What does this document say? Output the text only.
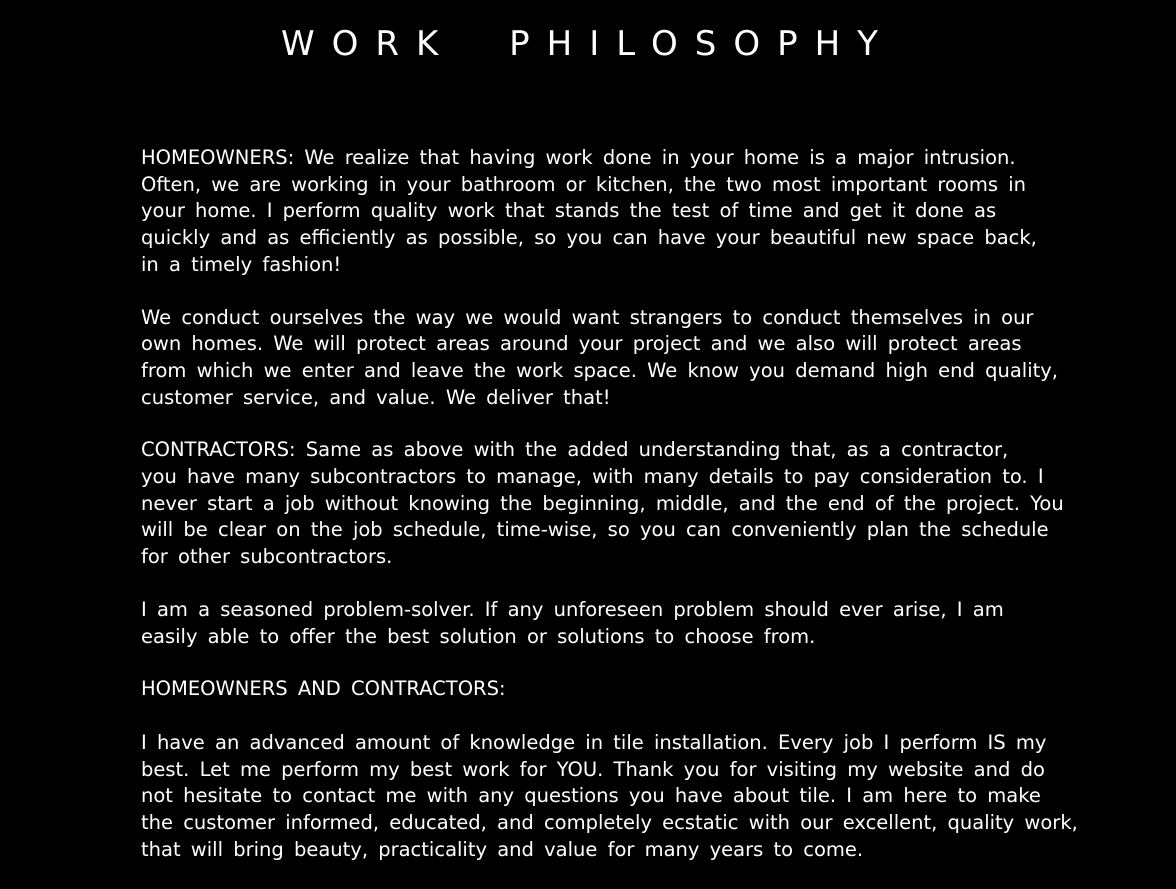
WORK PHILOSOPHY

HOMEOWNERS: We realize that having work done in your home is a major intrusion.
Often, we are working in your bathroom or kitchen, the two most important rooms in
your home. I perform quality work that stands the test of time and get it done as
quickly and as efficiently as possible, so you can have your beautiful new space back,
in a timely fashion!

We conduct ourselves the way we would want strangers to conduct themselves in our
own homes. We will protect areas around your project and we also will protect areas
from which we enter and leave the work space. We know you demand high end quality,
customer service, and value. We deliver that!

CONTRACTORS: Same as above with the added understanding that, as a contractor,
you have many subcontractors to manage, with many details to pay consideration to. I
never start a job without knowing the beginning, middle, and the end of the project. You
will be clear on the job schedule, time-wise, so you can conveniently plan the schedule
for other subcontractors.

I am a seasoned problem-solver. If any unforeseen problem should ever arise, I am
easily able to offer the best solution or solutions to choose from.

HOMEOWNERS AND CONTRACTORS:

I have an advanced amount of knowledge in tile installation. Every job I perform IS my
best. Let me perform my best work for YOU. Thank you for visiting my website and do
not hesitate to contact me with any questions you have about tile. I am here to make
the customer informed, educated, and completely ecstatic with our excellent, quality work,
that will bring beauty, practicality and value for many years to come.
